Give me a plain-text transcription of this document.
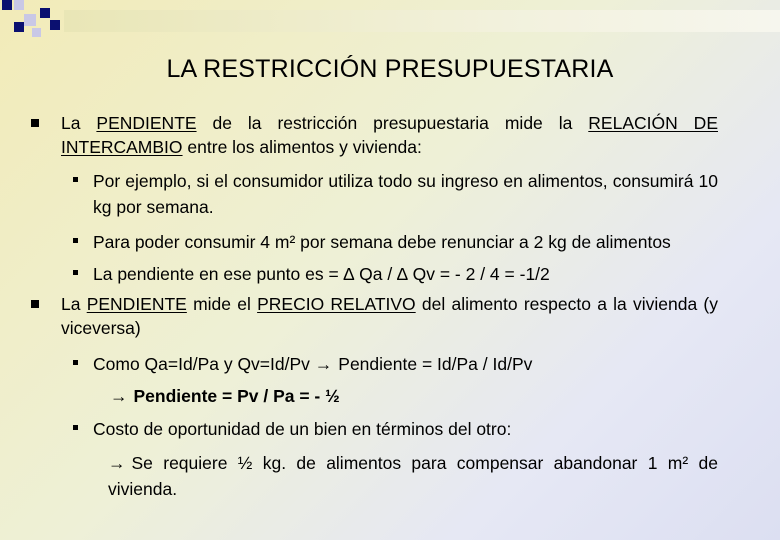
LA RESTRICCIÓN PRESUPUESTARIA
La PENDIENTE de la restricción presupuestaria mide la RELACIÓN DE INTERCAMBIO entre los alimentos y vivienda:
Por ejemplo, si el consumidor utiliza todo su ingreso en alimentos, consumirá 10 kg por semana.
Para poder consumir 4 m² por semana debe renunciar a 2 kg de alimentos
La pendiente en ese punto es = ∆ Qa / ∆ Qv = - 2 / 4 = -1/2
La PENDIENTE mide el PRECIO RELATIVO del alimento respecto a la vivienda (y viceversa)
Como Qa=Id/Pa y Qv=Id/Pv → Pendiente = Id/Pa / Id/Pv
→ Pendiente = Pv / Pa = - ½
Costo de oportunidad de un bien en términos del otro:
→ Se requiere ½ kg. de alimentos para compensar abandonar 1 m² de vivienda.
